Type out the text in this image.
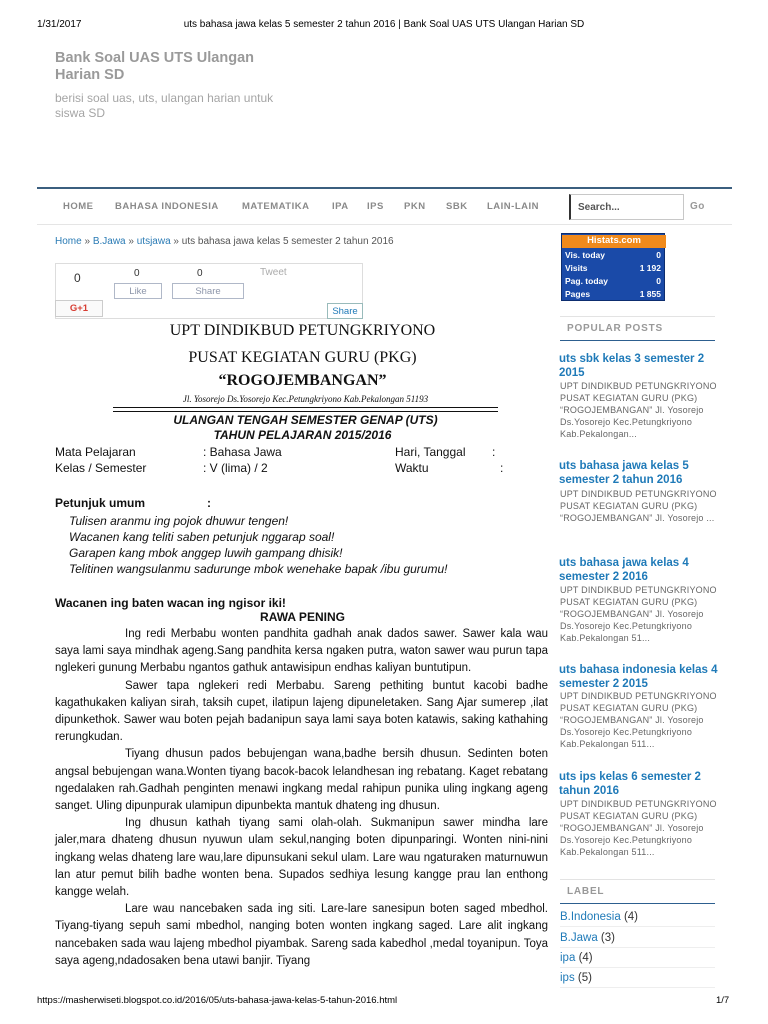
1/31/2017	uts bahasa jawa kelas 5 semester 2 tahun 2016 | Bank Soal UAS UTS Ulangan Harian SD
Bank Soal UAS UTS Ulangan Harian SD
berisi soal uas, uts, ulangan harian untuk siswa SD
HOME BAHASA INDONESIA MATEMATIKA IPA IPS PKN SBK LAIN-LAIN	Search...	Go
Home » B.Jawa » utsjawa » uts bahasa jawa kelas 5 semester 2 tahun 2016
UPT DINDIKBUD PETUNGKRIYONO
PUSAT KEGIATAN GURU (PKG)
“ROGOJEMBANGAN”
Jl. Yosorejo Ds.Yosorejo Kec.Petungkriyono Kab.Pekalongan 51193
ULANGAN TENGAH SEMESTER GENAP (UTS)
TAHUN PELAJARAN 2015/2016
Mata Pelajaran	: Bahasa Jawa	Hari, Tanggal :
Kelas / Semester	: V (lima) / 2	Waktu	:
Petunjuk umum	:
Tulisen aranmu ing pojok dhuwur tengen!
Wacanen kang teliti saben petunjuk nggarap soal!
Garapen kang mbok anggep luwih gampang dhisik!
Telitinen wangsulanmu sadurunge mbok wenehake bapak /ibu gurumu!
Wacanen ing baten wacan ing ngisor iki!
RAWA PENING

Ing redi Merbabu wonten pandhita gadhah anak dados sawer. Sawer kala wau saya lami saya mindhak ageng.Sang pandhita kersa ngaken putra, waton sawer wau purun tapa nglekeri gunung Merbabu ngantos gathuk antawisipun endhas kaliyan buntutipun.

Sawer tapa nglekeri redi Merbabu. Sareng pethiting buntut kacobi badhe kagathukaken kaliyan sirah, taksih cupet, ilatipun lajeng dipuneletaken. Sang Ajar sumerep ,ilat dipunkethok. Sawer wau boten pejah badanipun saya lami saya boten katawis, saking kathahing rerungkudan.

Tiyang dhusun pados bebujengan wana,badhe bersih dhusun. Sedinten boten angsal bebujengan wana.Wonten tiyang bacok-bacok lelandhesan ing rebatang. Kaget rebatang ngedalaken rah.Gadhah penginten menawi ingkang medal rahipun punika uling ingkang ageng sanget. Uling dipunpurak ulamipun dipunbekta mantuk dhateng ing dhusun.

Ing dhusun kathah tiyang sami olah-olah. Sukmanipun sawer mindha lare jaler,mara dhateng dhusun nyuwun ulam sekul,nanging boten dipunparingi. Wonten nini-nini ingkang welas dhateng lare wau,lare dipunsukani sekul ulam. Lare wau ngaturaken maturnuwun lan atur pemut bilih badhe wonten bena. Supados sedhiya lesung kangge prau lan enthong kangge welah.

Lare wau nancebaken sada ing siti. Lare-lare sanesipun boten saged mbedhol. Tiyang-tiyang sepuh sami mbedhol, nanging boten wonten ingkang saged. Lare alit ingkang nancebaken sada wau lajeng mbedhol piyambak. Sareng sada kabedhol ,medal toyanipun. Toya saya ageng,ndadosaken bena utawi banjir. Tiyang

0	0	0
Like	Share
Tweet
Share
G+1
Histats.com
Vis. today	0
Visits	1 192
Pag. today	0
Pages	1 855
POPULAR POSTS
uts sbk kelas 3 semester 2 2015
UPT DINDIKBUD PETUNGKRIYONO PUSAT KEGIATAN GURU (PKG) “ROGOJEMBANGAN” Jl. Yosorejo Ds.Yosorejo Kec.Petungkriyono Kab.Pekalongan...
uts bahasa jawa kelas 5 semester 2 tahun 2016
UPT DINDIKBUD PETUNGKRIYONO PUSAT KEGIATAN GURU (PKG) “ROGOJEMBANGAN” Jl. Yosorejo ...
uts bahasa jawa kelas 4 semester 2 2016
UPT DINDIKBUD PETUNGKRIYONO PUSAT KEGIATAN GURU (PKG) “ROGOJEMBANGAN” Jl. Yosorejo Ds.Yosorejo Kec.Petungkriyono Kab.Pekalongan 51...
uts bahasa indonesia kelas 4 semester 2 2015
UPT DINDIKBUD PETUNGKRIYONO PUSAT KEGIATAN GURU (PKG) “ROGOJEMBANGAN” Jl. Yosorejo Ds.Yosorejo Kec.Petungkriyono Kab.Pekalongan 511...
uts ips kelas 6 semester 2 tahun 2016
UPT DINDIKBUD PETUNGKRIYONO PUSAT KEGIATAN GURU (PKG) “ROGOJEMBANGAN” Jl. Yosorejo Ds.Yosorejo Kec.Petungkriyono Kab.Pekalongan 511...
LABEL
B.Indonesia (4)
B.Jawa (3)
ipa (4)
ips (5)
https://masherwiseti.blogspot.co.id/2016/05/uts-bahasa-jawa-kelas-5-tahun-2016.html	1/7
